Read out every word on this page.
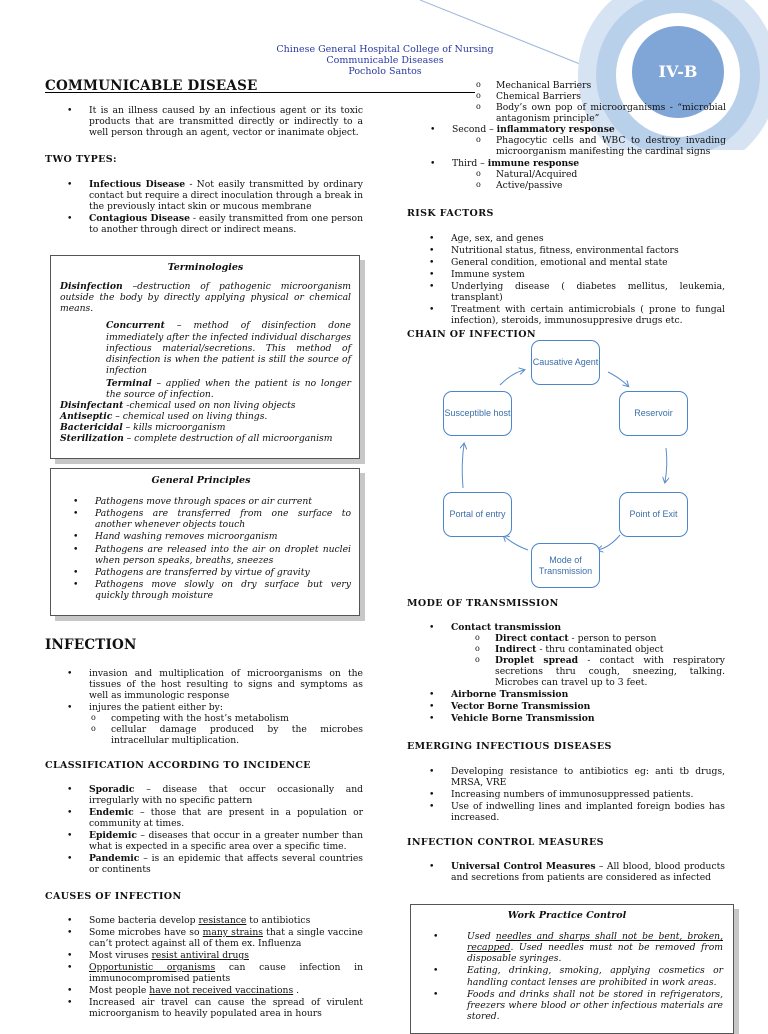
IV-B
Chinese General Hospital College of Nursing
Communicable Diseases
Pocholo Santos
COMMUNICABLE DISEASE
• It is an illness caused by an infectious agent or its toxic products that are transmitted directly or indirectly to a well person through an agent, vector or inanimate object.
TWO TYPES:
• Infectious Disease - Not easily transmitted by ordinary contact but require a direct inoculation through a break in the previously intact skin or mucous membrane
• Contagious Disease - easily transmitted from one person to another through direct or indirect means.
Terminologies
Disinfection –destruction of pathogenic microorganism outside the body by directly applying physical or chemical means.
Concurrent – method of disinfection done immediately after the infected individual discharges infectious material/secretions. This method of disinfection is when the patient is still the source of infection
Terminal – applied when the patient is no longer the source of infection.
Disinfectant -chemical used on non living objects
Antiseptic – chemical used on living things.
Bactericidal – kills microorganism
Sterilization – complete destruction of all microorganism
General Principles
• Pathogens move through spaces or air current
• Pathogens are transferred from one surface to another whenever objects touch
• Hand washing removes microorganism
• Pathogens are released into the air on droplet nuclei when person speaks, breaths, sneezes
• Pathogens are transferred by virtue of gravity
• Pathogens move slowly on dry surface but very quickly through moisture
INFECTION
• invasion and multiplication of microorganisms on the tissues of the host resulting to signs and symptoms as well as immunologic response
• injures the patient either by:
o competing with the host’s metabolism
o cellular damage produced by the microbes intracellular multiplication.
CLASSIFICATION ACCORDING TO INCIDENCE
• Sporadic – disease that occur occasionally and irregularly with no specific pattern
• Endemic – those that are present in a population or community at times.
• Epidemic – diseases that occur in a greater number than what is expected in a specific area over a specific time.
• Pandemic – is an epidemic that affects several countries or continents
CAUSES OF INFECTION
• Some bacteria develop resistance to antibiotics
• Some microbes have so many strains that a single vaccine can’t protect against all of them ex. Influenza
• Most viruses resist antiviral drugs
• Opportunistic organisms can cause infection in immunocompromised patients
• Most people have not received vaccinations .
• Increased air travel can cause the spread of virulent microorganism to heavily populated area in hours
o Mechanical Barriers
o Chemical Barriers
o Body’s own pop of microorganisms - “microbial antagonism principle”
• Second – inflammatory response
o Phagocytic cells and WBC to destroy invading microorganism manifesting the cardinal signs
• Third – immune response
o Natural/Acquired
o Active/passive
RISK FACTORS
• Age, sex, and genes
• Nutritional status, fitness, environmental factors
• General condition, emotional and mental state
• Immune system
• Underlying disease ( diabetes mellitus, leukemia, transplant)
• Treatment with certain antimicrobials ( prone to fungal infection), steroids, immunosuppresive drugs etc.
CHAIN OF INFECTION
Causative Agent
Reservoir
Point of Exit
Mode of Transmission
Portal of entry
Susceptible host
MODE OF TRANSMISSION
• Contact transmission
o Direct contact - person to person
o Indirect - thru contaminated object
o Droplet spread - contact with respiratory secretions thru cough, sneezing, talking. Microbes can travel up to 3 feet.
• Airborne Transmission
• Vector Borne Transmission
• Vehicle Borne Transmission
EMERGING INFECTIOUS DISEASES
• Developing resistance to antibiotics eg: anti tb drugs, MRSA, VRE
• Increasing numbers of immunosuppressed patients.
• Use of indwelling lines and implanted foreign bodies has increased.
INFECTION CONTROL MEASURES
• Universal Control Measures – All blood, blood products and secretions from patients are considered as infected
Work Practice Control
• Used needles and sharps shall not be bent, broken, recapped. Used needles must not be removed from disposable syringes.
• Eating, drinking, smoking, applying cosmetics or handling contact lenses are prohibited in work areas.
• Foods and drinks shall not be stored in refrigerators, freezers where blood or other infectious materials are stored.
